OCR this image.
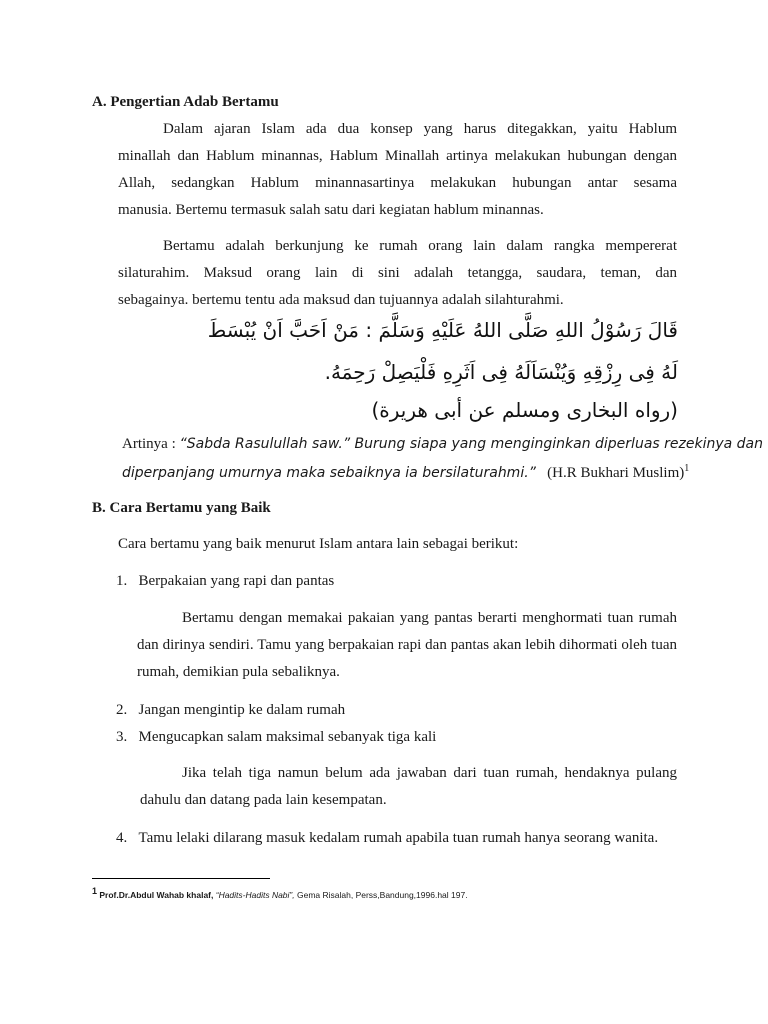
A. Pengertian Adab Bertamu
Dalam ajaran Islam ada dua konsep yang harus ditegakkan, yaitu Hablum
minallah dan Hablum minannas, Hablum Minallah artinya melakukan hubungan dengan
Allah, sedangkan Hablum minannasartinya melakukan hubungan antar sesama
manusia. Bertemu termasuk salah satu dari kegiatan hablum minannas.
Bertamu adalah berkunjung ke rumah orang lain dalam rangka mempererat
silaturahim. Maksud orang lain di sini adalah tetangga, saudara, teman, dan
sebagainya. bertemu tentu ada maksud dan tujuannya adalah silahturahmi.
قَالَ رَسُوْلُ اللهِ صَلَّى اللهُ عَلَيْهِ وَسَلَّمَ : مَنْ اَحَبَّ اَنْ يُبْسَطَ
لَهُ فِى رِزْقِهِ وَيُنْسَاَلَهُ فِى اَثَرِهِ فَلْيَصِلْ رَحِمَهُ.
(رواه البخارى ومسلم عن أبى هريرة)
Artinya : “Sabda Rasulullah saw.” Burung siapa yang menginginkan diperluas rezekinya dan
diperpanjang umurnya maka sebaiknya ia bersilaturahmi.” (H.R Bukhari Muslim)$^1$
B. Cara Bertamu yang Baik
Cara bertamu yang baik menurut Islam antara lain sebagai berikut:
1. Berpakaian yang rapi dan pantas
Bertamu dengan memakai pakaian yang pantas berarti menghormati tuan rumah
dan dirinya sendiri. Tamu yang berpakaian rapi dan pantas akan lebih dihormati oleh tuan
rumah, demikian pula sebaliknya.
2. Jangan mengintip ke dalam rumah
3. Mengucapkan salam maksimal sebanyak tiga kali
Jika telah tiga namun belum ada jawaban dari tuan rumah, hendaknya pulang
dahulu dan datang pada lain kesempatan.
4. Tamu lelaki dilarang masuk kedalam rumah apabila tuan rumah hanya seorang wanita.
$^1$ Prof.Dr.Abdul Wahab khalaf, “Hadits-Hadits Nabi”, Gema Risalah, Perss,Bandung,1996.hal 197.
